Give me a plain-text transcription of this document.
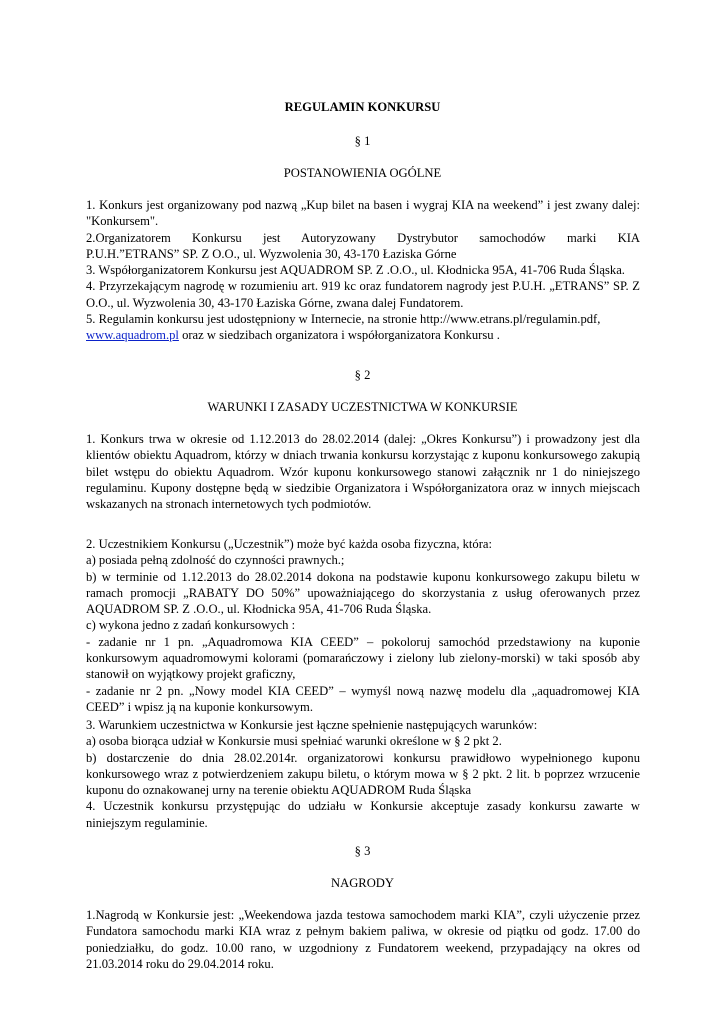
REGULAMIN KONKURSU

§ 1

POSTANOWIENIA OGÓLNE

1. Konkurs jest organizowany pod nazwą „Kup bilet na basen i wygraj KIA na weekend” i jest zwany dalej: "Konkursem".

2.Organizatorem Konkursu jest Autoryzowany Dystrybutor samochodów marki KIA

P.U.H.”ETRANS” SP. Z O.O., ul. Wyzwolenia 30, 43-170 Łaziska Górne

3. Współorganizatorem Konkursu jest AQUADROM SP. Z .O.O., ul. Kłodnicka 95A, 41-706 Ruda Śląska.

4. Przyrzekającym nagrodę w rozumieniu art. 919 kc oraz fundatorem nagrody jest P.U.H. „ETRANS” SP. Z O.O., ul. Wyzwolenia 30, 43-170 Łaziska Górne, zwana dalej Fundatorem.

5. Regulamin konkursu jest udostępniony w Internecie, na stronie http://www.etrans.pl/regulamin.pdf,
www.aquadrom.pl oraz w siedzibach organizatora i współorganizatora Konkursu .

§ 2

WARUNKI I ZASADY UCZESTNICTWA W KONKURSIE

1. Konkurs trwa w okresie od 1.12.2013 do 28.02.2014 (dalej: „Okres Konkursu”) i prowadzony jest dla klientów obiektu Aquadrom, którzy w dniach trwania konkursu korzystając z kuponu konkursowego zakupią bilet wstępu do obiektu Aquadrom. Wzór kuponu konkursowego stanowi załącznik nr 1 do niniejszego regulaminu. Kupony dostępne będą w siedzibie Organizatora i Współorganizatora oraz w innych miejscach wskazanych na stronach internetowych tych podmiotów.

2. Uczestnikiem Konkursu („Uczestnik”) może być każda osoba fizyczna, która:

a) posiada pełną zdolność do czynności prawnych.;

b) w terminie od 1.12.2013 do 28.02.2014 dokona na podstawie kuponu konkursowego zakupu biletu w ramach promocji „RABATY DO 50%” upoważniającego do skorzystania z usług oferowanych przez AQUADROM SP. Z .O.O., ul. Kłodnicka 95A, 41-706 Ruda Śląska.

c) wykona jedno z zadań konkursowych :

- zadanie nr 1 pn. „Aquadromowa KIA CEED” – pokoloruj samochód przedstawiony na kuponie konkursowym aquadromowymi kolorami (pomarańczowy i zielony lub zielony-morski) w taki sposób aby stanowił on wyjątkowy projekt graficzny,

- zadanie nr 2 pn. „Nowy model KIA CEED” – wymyśl nową nazwę modelu dla „aquadromowej KIA CEED” i wpisz ją na kuponie konkursowym.

3. Warunkiem uczestnictwa w Konkursie jest łączne spełnienie następujących warunków:

a) osoba biorąca udział w Konkursie musi spełniać warunki określone w § 2 pkt 2.

b) dostarczenie do dnia 28.02.2014r. organizatorowi konkursu prawidłowo wypełnionego kuponu konkursowego wraz z potwierdzeniem zakupu biletu, o którym mowa w § 2 pkt. 2 lit. b poprzez wrzucenie kuponu do oznakowanej urny na terenie obiektu AQUADROM Ruda Śląska

4. Uczestnik konkursu przystępując do udziału w Konkursie akceptuje zasady konkursu zawarte w niniejszym regulaminie.

§ 3

NAGRODY

1.Nagrodą w Konkursie jest: „Weekendowa jazda testowa samochodem marki KIA”, czyli użyczenie przez Fundatora samochodu marki KIA wraz z pełnym bakiem paliwa, w okresie od piątku od godz. 17.00 do poniedziałku, do godz. 10.00 rano, w uzgodniony z Fundatorem weekend, przypadający na okres od 21.03.2014 roku do 29.04.2014 roku.
